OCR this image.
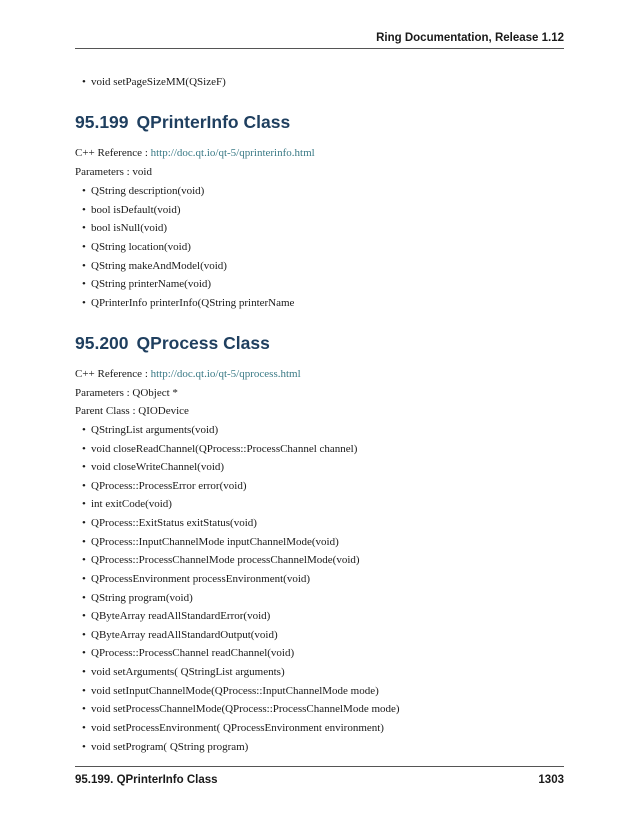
Ring Documentation, Release 1.12
• void setPageSizeMM(QSizeF)
95.199 QPrinterInfo Class
C++ Reference : http://doc.qt.io/qt-5/qprinterinfo.html
Parameters : void
• QString description(void)
• bool isDefault(void)
• bool isNull(void)
• QString location(void)
• QString makeAndModel(void)
• QString printerName(void)
• QPrinterInfo printerInfo(QString printerName
95.200 QProcess Class
C++ Reference : http://doc.qt.io/qt-5/qprocess.html
Parameters : QObject *
Parent Class : QIODevice
• QStringList arguments(void)
• void closeReadChannel(QProcess::ProcessChannel channel)
• void closeWriteChannel(void)
• QProcess::ProcessError error(void)
• int exitCode(void)
• QProcess::ExitStatus exitStatus(void)
• QProcess::InputChannelMode inputChannelMode(void)
• QProcess::ProcessChannelMode processChannelMode(void)
• QProcessEnvironment processEnvironment(void)
• QString program(void)
• QByteArray readAllStandardError(void)
• QByteArray readAllStandardOutput(void)
• QProcess::ProcessChannel readChannel(void)
• void setArguments( QStringList arguments)
• void setInputChannelMode(QProcess::InputChannelMode mode)
• void setProcessChannelMode(QProcess::ProcessChannelMode mode)
• void setProcessEnvironment( QProcessEnvironment environment)
• void setProgram( QString program)
95.199. QPrinterInfo Class	1303
